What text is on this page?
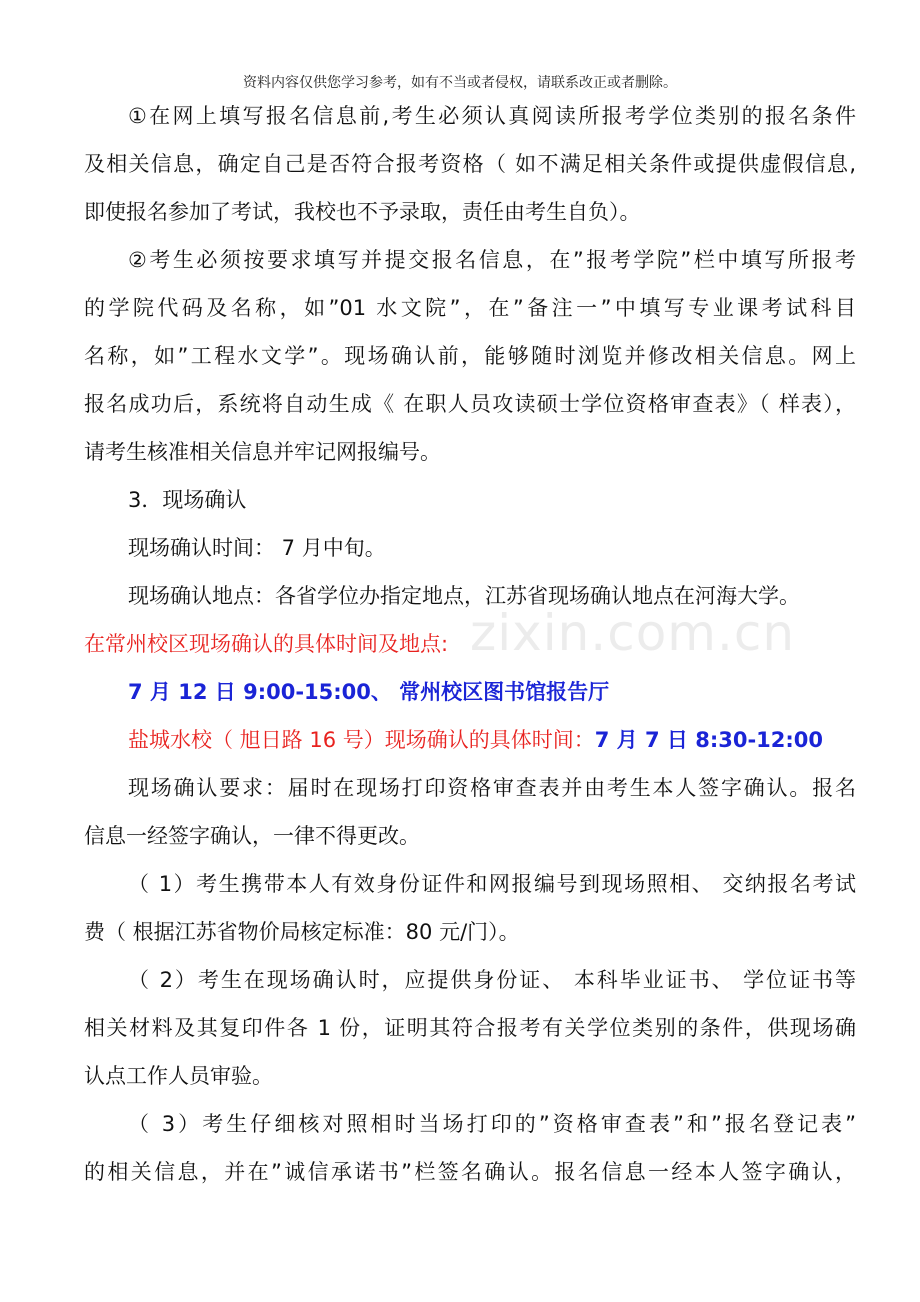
资料内容仅供您学习参考，如有不当或者侵权，请联系改正或者删除。
zixin.com.cn
①在网上填写报名信息前,考生必须认真阅读所报考学位类别的报名条件
及相关信息，确定自己是否符合报考资格（ 如不满足相关条件或提供虚假信息,
即使报名参加了考试，我校也不予录取，责任由考生自负）。
②考生必须按要求填写并提交报名信息，在”报考学院”栏中填写所报考
的学院代码及名称，如”01 水文院”，在”备注一”中填写专业课考试科目
名称，如”工程水文学”。现场确认前，能够随时浏览并修改相关信息。网上
报名成功后，系统将自动生成《 在职人员攻读硕士学位资格审查表》（ 样表），
请考生核准相关信息并牢记网报编号。
3．现场确认
现场确认时间： 7 月中旬。
现场确认地点：各省学位办指定地点，江苏省现场确认地点在河海大学。
在常州校区现场确认的具体时间及地点:
7 月 12 日 9:00-15:00、 常州校区图书馆报告厅
盐城水校（ 旭日路 16 号）现场确认的具体时间：7 月 7 日 8:30-12:00
现场确认要求：届时在现场打印资格审查表并由考生本人签字确认。报名
信息一经签字确认，一律不得更改。
（ 1）考生携带本人有效身份证件和网报编号到现场照相、 交纳报名考试
费（ 根据江苏省物价局核定标准：80 元/门）。
（ 2）考生在现场确认时，应提供身份证、 本科毕业证书、 学位证书等
相关材料及其复印件各 1 份，证明其符合报考有关学位类别的条件，供现场确
认点工作人员审验。
（ 3）考生仔细核对照相时当场打印的”资格审查表”和”报名登记表”
的相关信息，并在”诚信承诺书”栏签名确认。报名信息一经本人签字确认，
